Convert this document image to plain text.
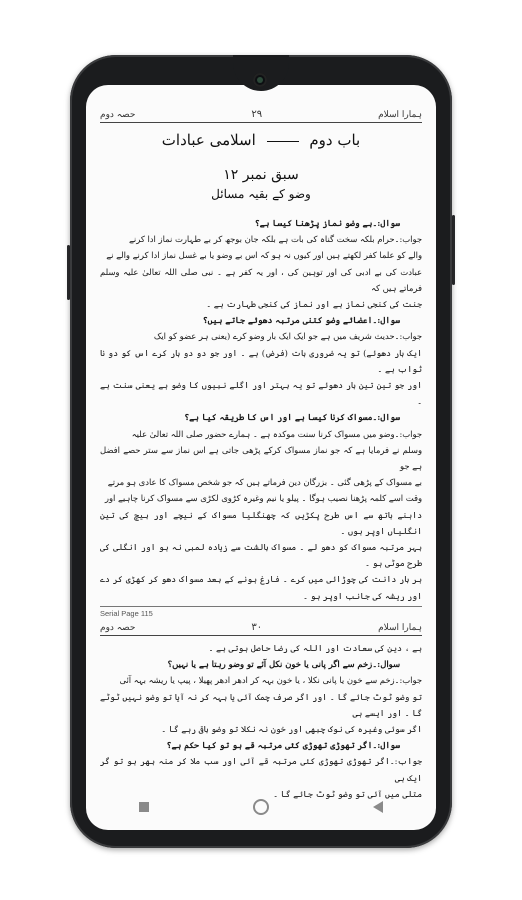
حصہ دوم	۲۹	ہمارا اسلام
باب دوم  اسلامی عبادات
سبق نمبر ۱۲
وضو کے بقیہ مسائل

سوال:۔بے وضو نماز پڑھنا کیسا ہے؟

جواب:۔حرام بلکہ سخت گناہ کی بات ہے بلکہ جان بوجھ کر بے طہارت نماز ادا کرنے

والے کو علما کفر لکھتے ہیں اور کیوں نہ ہو کہ اس بے وضو یا بے غسل نماز ادا کرنے والے نے

عبادت کی بے ادبی کی اور توہین کی ، اور یہ کفر ہے ۔ نبی صلی اللہ تعالیٰ علیہ وسلم فرماتے ہیں کہ

جنت کی کنجی نماز ہے اور نماز کی کنجی طہارت ہے ۔

سوال:۔اعضائے وضو کتنی مرتبہ دھوئے جاتے ہیں؟

جواب:۔حدیث شریف میں ہے جو ایک ایک بار وضو کرے (یعنی ہر عضو کو ایک

ایک بار دھوئے) تو یہ ضروری بات (فرض) ہے ۔ اور جو دو دو بار کرے اس کو دو نا ثواب ہے ۔

اور جو تین تین بار دھوئے تو یہ بہتر اور اگلے نبیوں کا وضو ہے یعنی سنت ہے ۔

سوال:۔مسواک کرنا کیسا ہے اور اس کا طریقہ کیا ہے؟

جواب:۔وضو میں مسواک کرنا سنت موکدہ ہے ۔ ہمارے حضور صلی اللہ تعالیٰ علیہ

وسلم نے فرمایا ہے کہ جو نماز مسواک کرکے پڑھی جاتی ہے اس نماز سے ستر حصے افضل ہے جو

بے مسواک کے پڑھی گئی ۔ بزرگان دین فرماتے ہیں کہ جو شخص مسواک کا عادی ہو مرتے

وقت اسے کلمہ پڑھنا نصیب ہوگا ۔ پیلو یا نیم وغیرہ کڑوی لکڑی سے مسواک کرنا چاہیے اور

داہنے ہاتھ سے اس طرح پکڑیں کہ چھنگلیا مسواک کے نیچے اور بیچ کی تین انگلیاں اوپر ہوں ۔

بہر مرتبہ مسواک کو دھو لے ۔ مسواک بالشت سے زیادہ لمبی نہ ہو اور انگلی کی طرح موٹی ہو ۔

ہر بار دانت کی چوڑائی میں کرے ۔ فارغ ہونے کے بعد مسواک دھو کر کھڑی کر دے اور ریشہ کی جانب اوپر ہو ۔

Serial Page 115
حصہ دوم	۳۰	ہمارا اسلام

ہے ، دین کی سعادت اور اللہ کی رضا حاصل ہوتی ہے ۔

سوال:۔زخم سے اگر پانی یا خون نکل آئے تو وضو رہتا ہے یا نہیں؟

جواب:۔زخم سے خون یا پانی نکلا ، یا خون بہہ کر ادھر ادھر پھیلا ، پیپ یا ریشہ بہہ آئی

تو وضو ٹوٹ جائے گا ۔ اور اگر صرف چمک آئی یا بہہ کر نہ آیا تو وضو نہیں ٹوٹے گا ۔ اور ایسے ہی

اگر سوئی وغیرہ کی نوک چبھی اور خون نہ نکلا تو وضو باقی رہے گا ۔

سوال:۔اگر تھوڑی تھوڑی کئی مرتبہ قے ہو تو کیا حکم ہے؟

جواب:۔اگر تھوڑی تھوڑی کئی مرتبہ قے آئی اور سب ملا کر منہ بھر ہو تو گر ایک ہی

متلی میں آئی تو وضو ٹوٹ جائے گا ۔
